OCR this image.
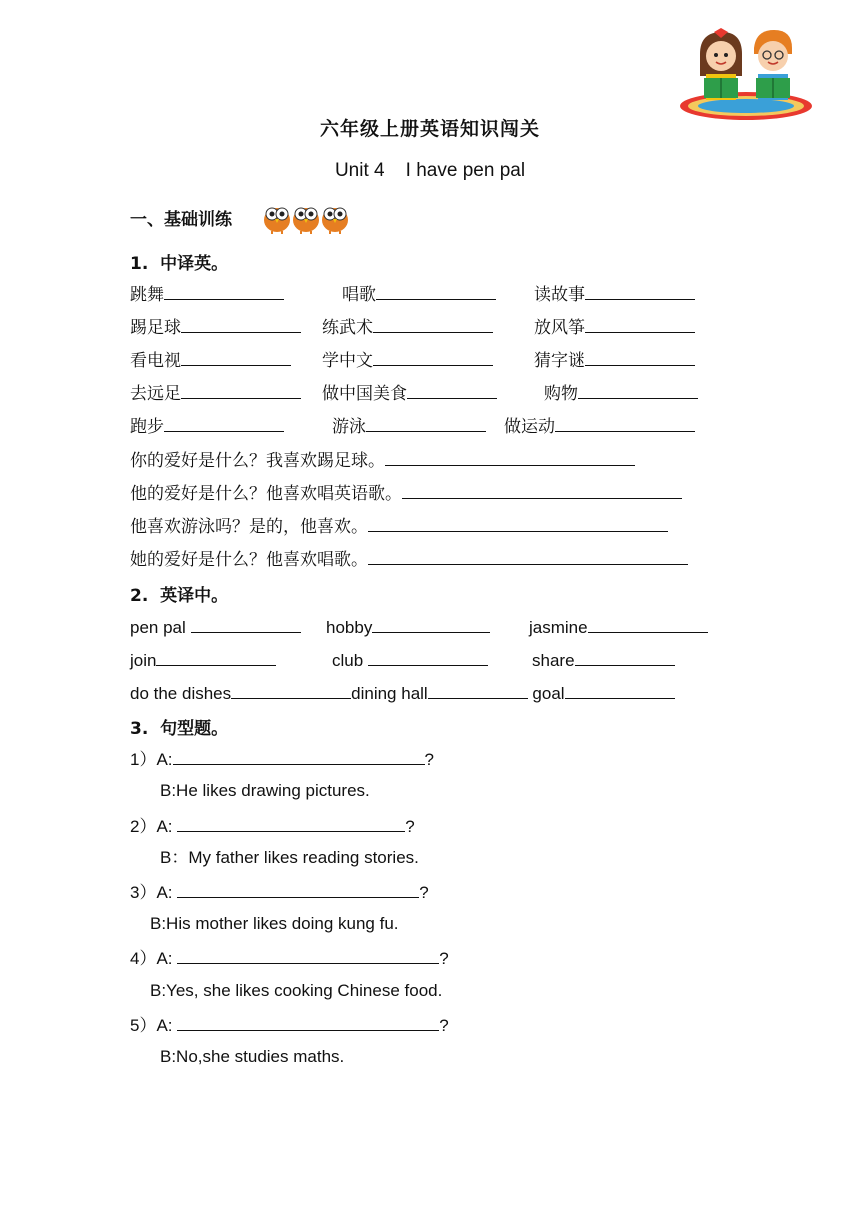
六年级上册英语知识闯关
Unit 4    I have pen pal
一、基础训练
1.  中译英。
跳舞	唱歌	读故事
踢足球	练武术	放风筝
看电视	学中文	猜字谜
去远足	做中国美食	购物
跑步	游泳	做运动
你的爱好是什么？我喜欢踢足球。
他的爱好是什么？他喜欢唱英语歌。
他喜欢游泳吗？是的，他喜欢。
她的爱好是什么？他喜欢唱歌。
2.  英译中。
pen pal	hobby	jasmine
join	club	share
do the dishes	dining hall	goal
3.  句型题。
1）A:	?
B:He likes drawing pictures.
2）A:	?
B：My father likes reading stories.
3）A:	?
B:His mother likes doing kung fu.
4）A:	?
B:Yes, she likes cooking Chinese food.
5）A:	?
B:No,she studies maths.
